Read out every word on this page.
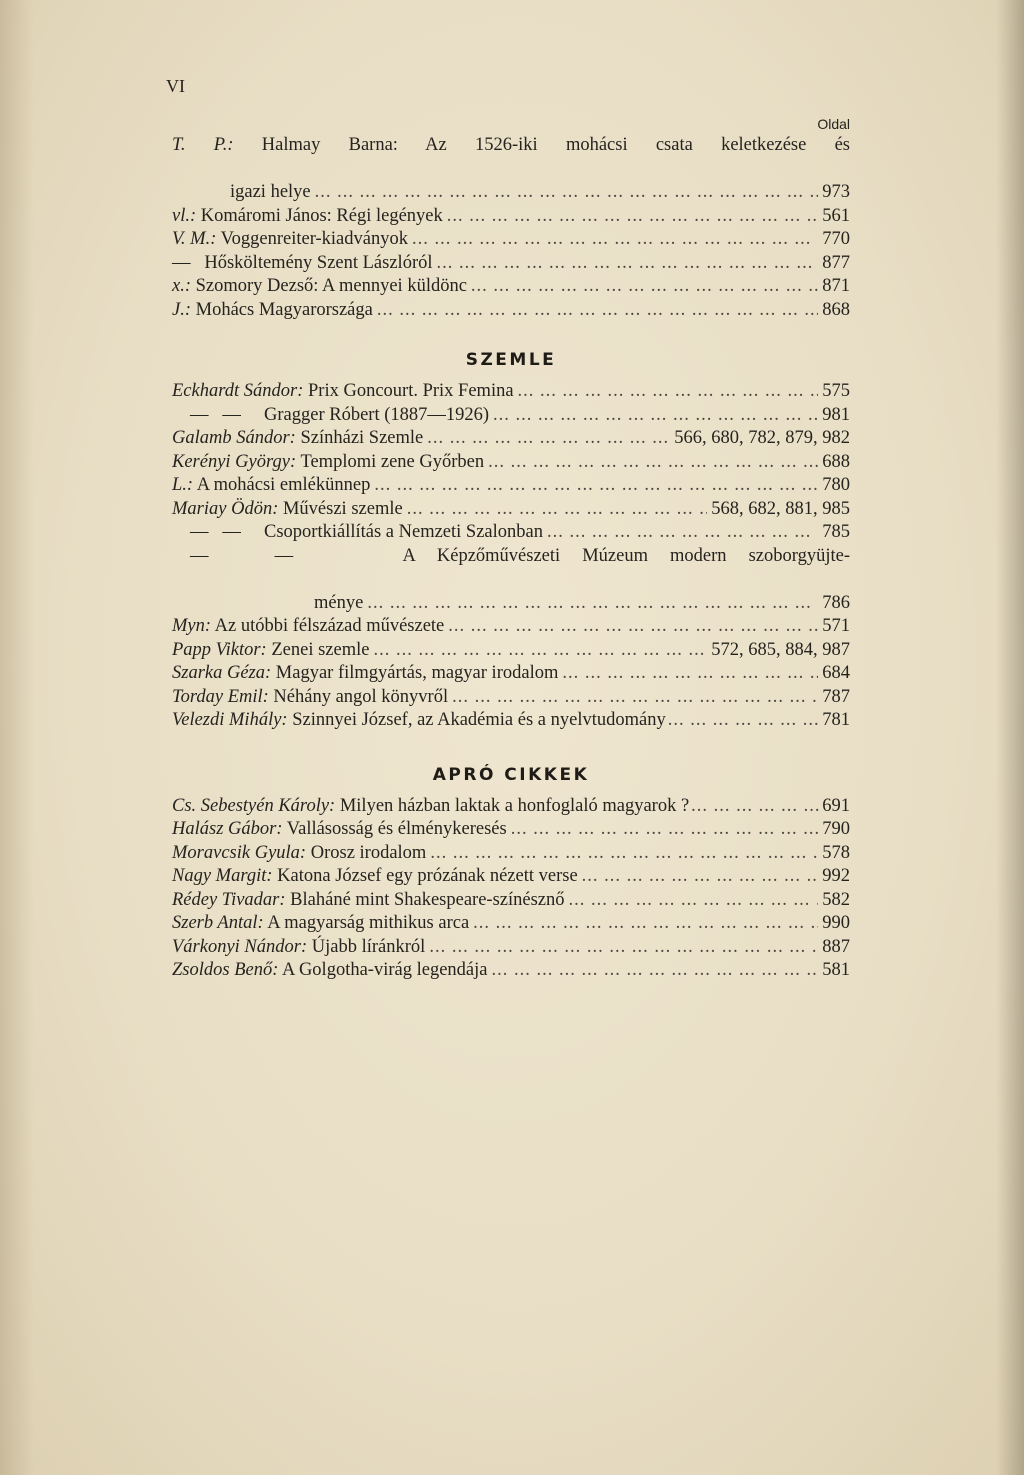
VI
Oldal
T. P.: Halmay Barna: Az 1526-iki mohácsi csata keletkezése és
igazi helye ... .	973
vl.: Komáromi János: Régi legények ... .	561
V. M.: Voggenreiter-kiadványok ... .	770
— Hősköltemény Szent Lászlóról ... .	877
x.: Szomory Dezső: A mennyei küldönc ... .	871
J.: Mohács Magyarországa ... .	868
SZEMLE
Eckhardt Sándor: Prix Goncourt. Prix Femina ... .	575
—   — Gragger Róbert (1887—1926) ... .	981
Galamb Sándor: Színházi Szemle ... .	566, 680, 782, 879, 982
Kerényi György: Templomi zene Győrben ... .	688
L.: A mohácsi emlékünnep ... .	780
Mariay Ödön: Művészi szemle ... .	568, 682, 881, 985
—   — Csoportkiállítás a Nemzeti Szalonban ... .	785
—   —	A Képzőművészeti Múzeum modern szoborgyüjte-
ménye ... .	786
Myn: Az utóbbi félszázad művészete ... .	571
Papp Viktor: Zenei szemle ... .	572, 685, 884, 987
Szarka Géza: Magyar filmgyártás, magyar irodalom ... .	684
Torday Emil: Néhány angol könyvről ... .	787
Velezdi Mihály: Szinnyei József, az Akadémia és a nyelvtudomány ... .	781
APRÓ CIKKEK
Cs. Sebestyén Károly: Milyen házban laktak a honfoglaló magyarok ? ... .	691
Halász Gábor: Vallásosság és élménykeresés ... .	790
Moravcsik Gyula: Orosz irodalom ... .	578
Nagy Margit: Katona József egy prózának nézett verse ... .	992
Rédey Tivadar: Blaháné mint Shakespeare-színésznő ... .	582
Szerb Antal: A magyarság mithikus arca ... .	990
Várkonyi Nándor: Újabb líránkról ... .	887
Zsoldos Benő: A Golgotha-virág legendája ... .	581
